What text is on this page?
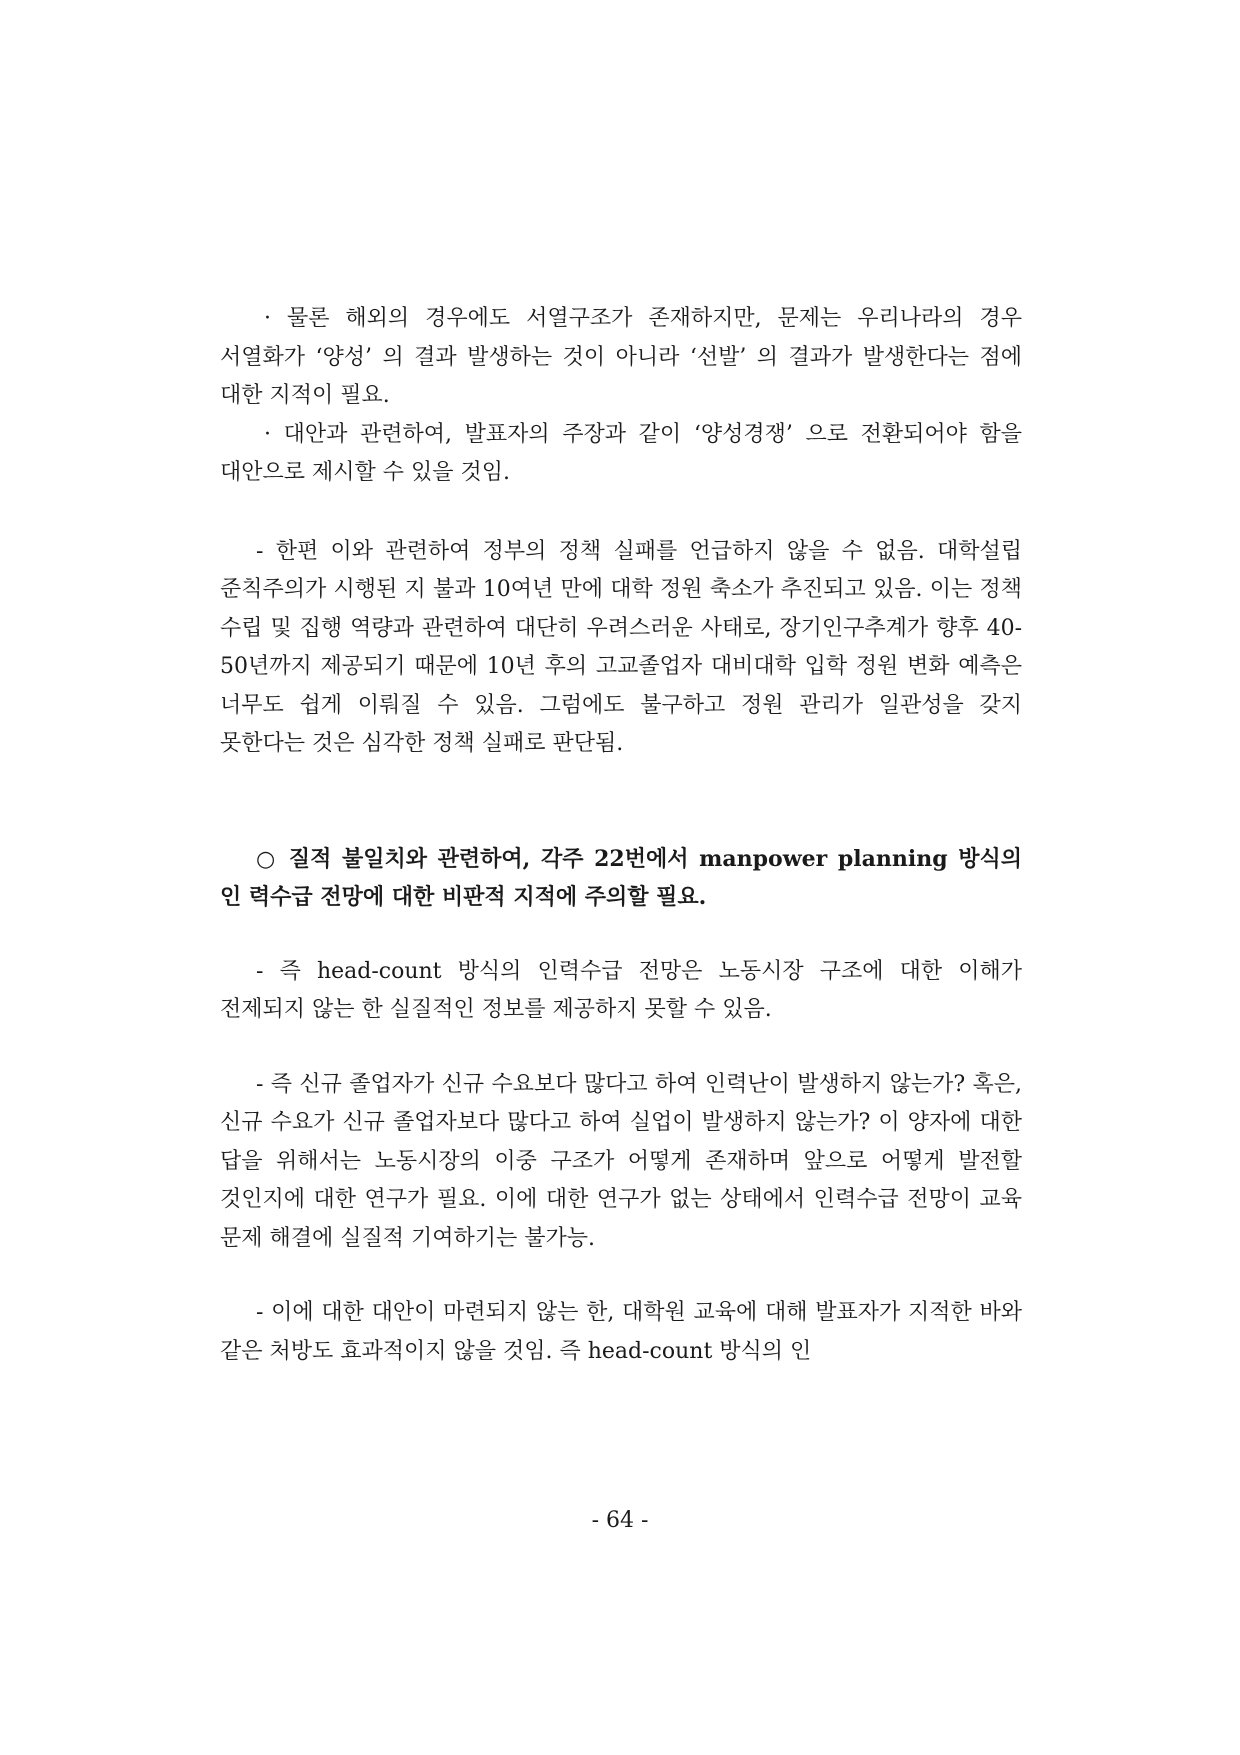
· 물론 해외의 경우에도 서열구조가 존재하지만, 문제는 우리나라의 경우 서열화가 ‘양성’ 의 결과 발생하는 것이 아니라 ‘선발’ 의 결과가 발생한다는 점에 대한 지적이 필요.

· 대안과 관련하여, 발표자의 주장과 같이 ‘양성경쟁’ 으로 전환되어야 함을 대안으로 제시할 수 있을 것임.

- 한편 이와 관련하여 정부의 정책 실패를 언급하지 않을 수 없음. 대학설립 준칙주의가 시행된 지 불과 10여년 만에 대학 정원 축소가 추진되고 있음. 이는 정책 수립 및 집행 역량과 관련하여 대단히 우려스러운 사태로, 장기인구추계가 향후 40-50년까지 제공되기 때문에 10년 후의 고교졸업자 대비대학 입학 정원 변화 예측은 너무도 쉽게 이뤄질 수 있음. 그럼에도 불구하고 정원 관리가 일관성을 갖지 못한다는 것은 심각한 정책 실패로 판단됨.

○ 질적 불일치와 관련하여, 각주 22번에서 manpower planning 방식의 인 력수급 전망에 대한 비판적 지적에 주의할 필요.

- 즉 head-count 방식의 인력수급 전망은 노동시장 구조에 대한 이해가 전제되지 않는 한 실질적인 정보를 제공하지 못할 수 있음.

- 즉 신규 졸업자가 신규 수요보다 많다고 하여 인력난이 발생하지 않는가? 혹은, 신규 수요가 신규 졸업자보다 많다고 하여 실업이 발생하지 않는가? 이 양자에 대한 답을 위해서는 노동시장의 이중 구조가 어떻게 존재하며 앞으로 어떻게 발전할 것인지에 대한 연구가 필요. 이에 대한 연구가 없는 상태에서 인력수급 전망이 교육 문제 해결에 실질적 기여하기는 불가능.

- 이에 대한 대안이 마련되지 않는 한, 대학원 교육에 대해 발표자가 지적한 바와 같은 처방도 효과적이지 않을 것임. 즉 head-count 방식의 인

- 64 -
